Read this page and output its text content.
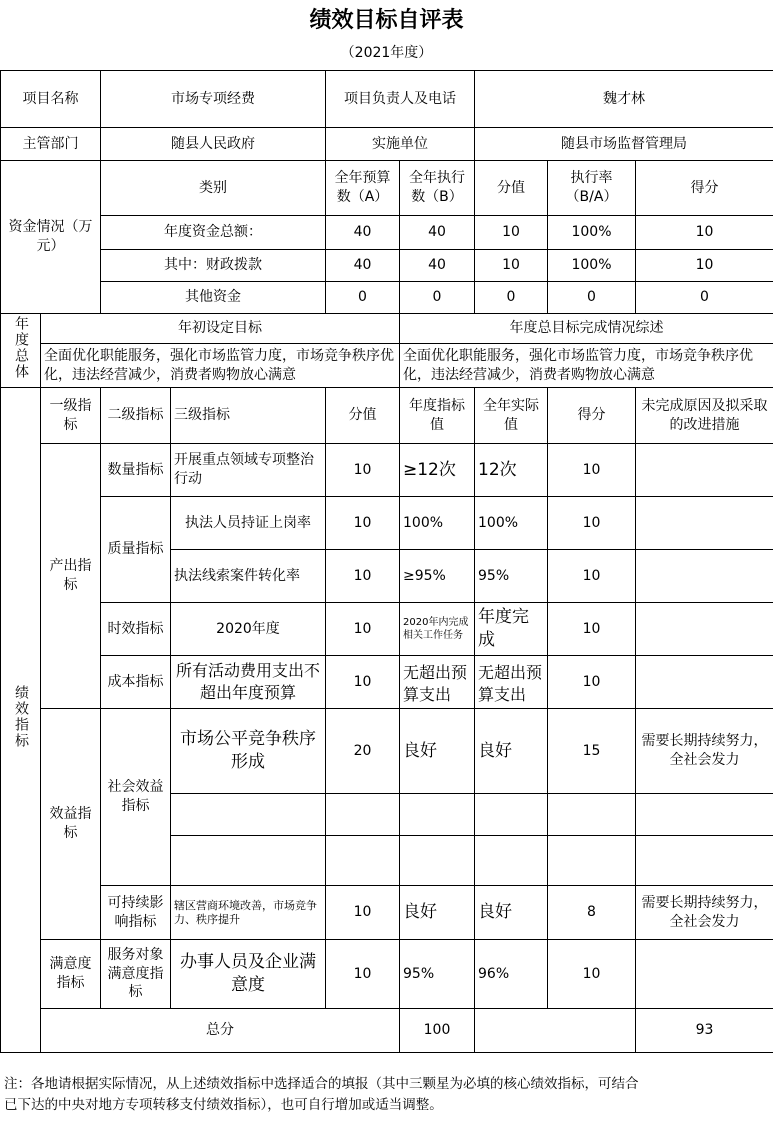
绩效目标自评表
（2021年度）
项目名称		市场专项经费		项目负责人及电话		魏才林			
主管部门		随县人民政府		实施单位		随县市场监督管理局			
资金情况（万元）		类别		全年预算数（A）	全年执行数（B）	分值	执行率（B/A）	得分	
		年度资金总额：		40	40	10	100%	10	
		其中：财政拨款		40	40	10	100%	10	
		其他资金		0	0	0	0	0	
年度总体	年初设定目标				年度总目标完成情况综述				

	全面优化职能服务，强化市场监管力度，市场竞争秩序优化，违法经营减少，消费者购物放心满意				全面优化职能服务，强化市场监管力度，市场竞争秩序优化，违法经营减少，消费者购物放心满意				

绩效指标	一级指标	二级指标	三级指标	分值	年度指标值	全年实际值	得分	未完成原因及拟采取的改进措施	
	产出指标	数量指标	开展重点领域专项整治行动	10	≥12次	12次	10		
		质量指标	执法人员持证上岗率	10	100%	100%	10		
			执法线索案件转化率	10	≥95%	95%	10		
		时效指标	2020年度	10	2020年内完成相关工作任务	年度完成	10		
		成本指标	所有活动费用支出不超出年度预算	10	无超出预算支出	无超出预算支出	10		
	效益指标	社会效益指标	市场公平竞争秩序形成	20	良好	良好	15	需要长期持续努力，全社会发力	

		可持续影响指标	辖区营商环境改善，市场竞争力、秩序提升	10	良好	良好	8	需要长期持续努力，全社会发力	
	满意度指标	服务对象满意度指标	办事人员及企业满意度	10	95%	96%	10		
	总分				100			93	
注：各地请根据实际情况，从上述绩效指标中选择适合的填报（其中三颗星为必填的核心绩效指标，可结合已下达的中央对地方专项转移支付绩效指标），也可自行增加或适当调整。
